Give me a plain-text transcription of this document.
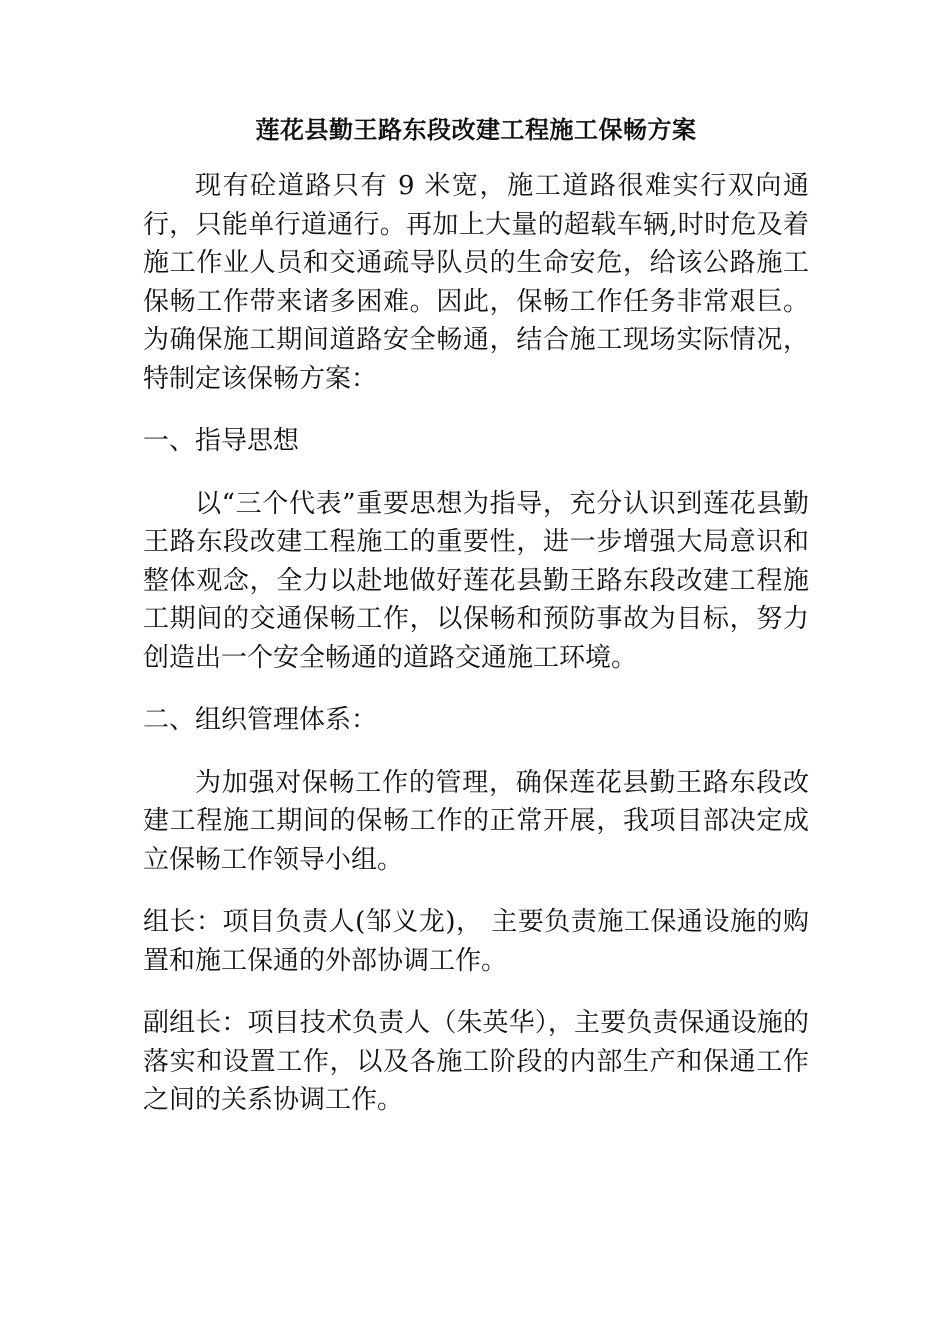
莲花县勤王路东段改建工程施工保畅方案

现有砼道路只有 9 米宽，施工道路很难实行双向通行，只能单行道通行。再加上大量的超载车辆,时时危及着施工作业人员和交通疏导队员的生命安危，给该公路施工保畅工作带来诸多困难。因此，保畅工作任务非常艰巨。为确保施工期间道路安全畅通，结合施工现场实际情况，特制定该保畅方案：

一、指导思想

以“三个代表”重要思想为指导，充分认识到莲花县勤王路东段改建工程施工的重要性，进一步增强大局意识和整体观念，全力以赴地做好莲花县勤王路东段改建工程施工期间的交通保畅工作，以保畅和预防事故为目标，努力创造出一个安全畅通的道路交通施工环境。

二、组织管理体系：

为加强对保畅工作的管理，确保莲花县勤王路东段改建工程施工期间的保畅工作的正常开展，我项目部决定成立保畅工作领导小组。

组长：项目负责人(邹义龙)， 主要负责施工保通设施的购置和施工保通的外部协调工作。

副组长：项目技术负责人（朱英华），主要负责保通设施的落实和设置工作，以及各施工阶段的内部生产和保通工作之间的关系协调工作。
